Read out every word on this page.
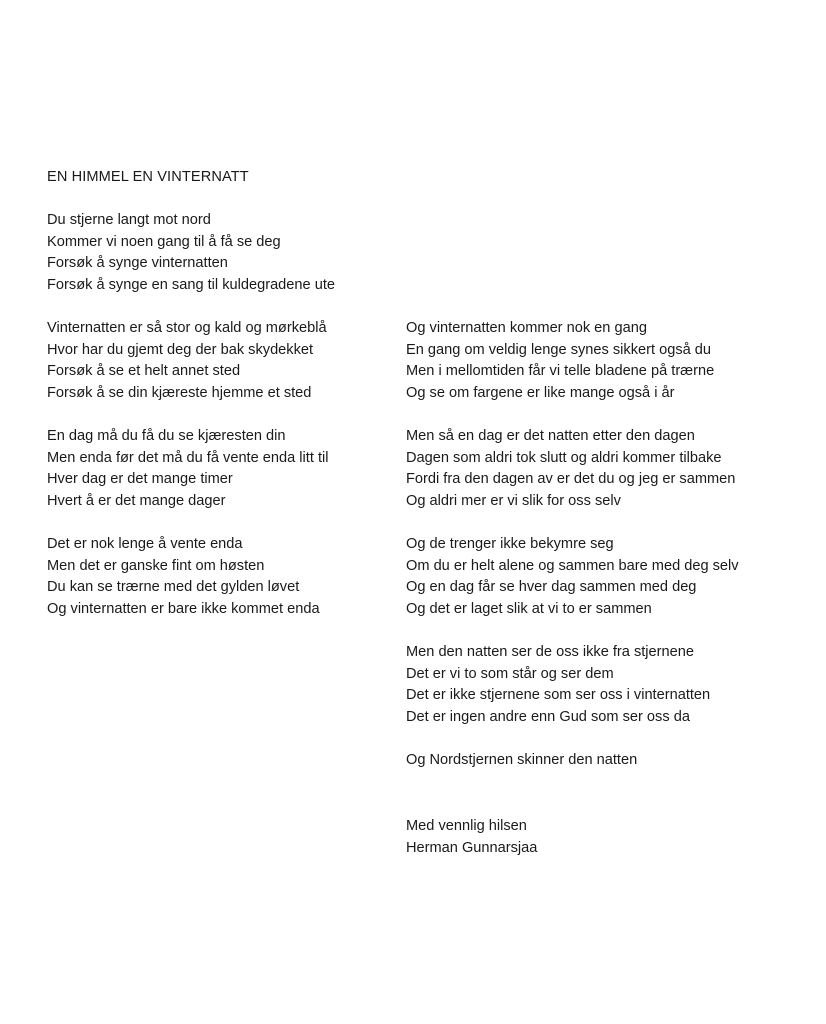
EN HIMMEL EN VINTERNATT
Du stjerne langt mot nord
Kommer vi noen gang til å få se deg
Forsøk å synge vinternatten
Forsøk å synge en sang til kuldegradene ute
Vinternatten er så stor og kald og mørkeblå
Hvor har du gjemt deg der bak skydekket
Forsøk å se et helt annet sted
Forsøk å se din kjæreste hjemme et sted
En dag må du få du se kjæresten din
Men enda før det må du få vente enda litt til
Hver dag er det mange timer
Hvert å er det mange dager
Det er nok lenge å vente enda
Men det er ganske fint om høsten
Du kan se trærne med det gylden løvet
Og vinternatten er bare ikke kommet enda
Og vinternatten kommer nok en gang
En gang om veldig lenge synes sikkert også du
Men i mellomtiden får vi telle bladene på trærne
Og se om fargene er like mange også i år
Men så en dag er det natten etter den dagen
Dagen som aldri tok slutt og aldri kommer tilbake
Fordi fra den dagen av er det du og jeg er sammen
Og aldri mer er vi slik for oss selv
Og de trenger ikke bekymre seg
Om du er helt alene og sammen bare med deg selv
Og en dag får se hver dag sammen med deg
Og det er laget slik at vi to er sammen
Men den natten ser de oss ikke fra stjernene
Det er vi to som står og ser dem
Det er ikke stjernene som ser oss i vinternatten
Det er ingen andre enn Gud som ser oss da
Og Nordstjernen skinner den natten
Med vennlig hilsen
Herman Gunnarsjaa
